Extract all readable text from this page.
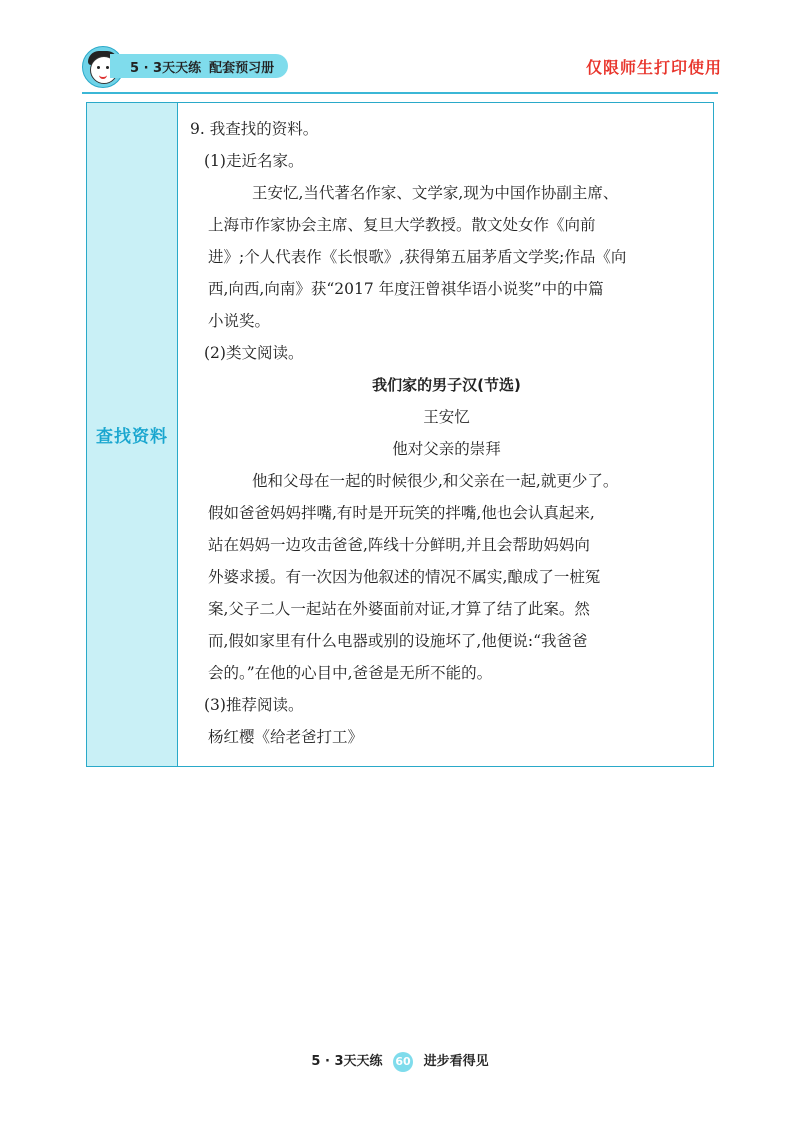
5 · 3天天练 配套预习册	仅限师生打印使用
查找资料
9. 我查找的资料。
(1)走近名家。
王安忆,当代著名作家、文学家,现为中国作协副主席、
上海市作家协会主席、复旦大学教授。散文处女作《向前
进》;个人代表作《长恨歌》,获得第五届茅盾文学奖;作品《向
西,向西,向南》获“2017 年度汪曾祺华语小说奖”中的中篇
小说奖。
(2)类文阅读。
我们家的男子汉(节选)
王安忆
他对父亲的崇拜
他和父母在一起的时候很少,和父亲在一起,就更少了。
假如爸爸妈妈拌嘴,有时是开玩笑的拌嘴,他也会认真起来,
站在妈妈一边攻击爸爸,阵线十分鲜明,并且会帮助妈妈向
外婆求援。有一次因为他叙述的情况不属实,酿成了一桩冤
案,父子二人一起站在外婆面前对证,才算了结了此案。然
而,假如家里有什么电器或别的设施坏了,他便说:“我爸爸
会的。”在他的心目中,爸爸是无所不能的。
(3)推荐阅读。
杨红樱《给老爸打工》
5 · 3天天练 60 进步看得见
